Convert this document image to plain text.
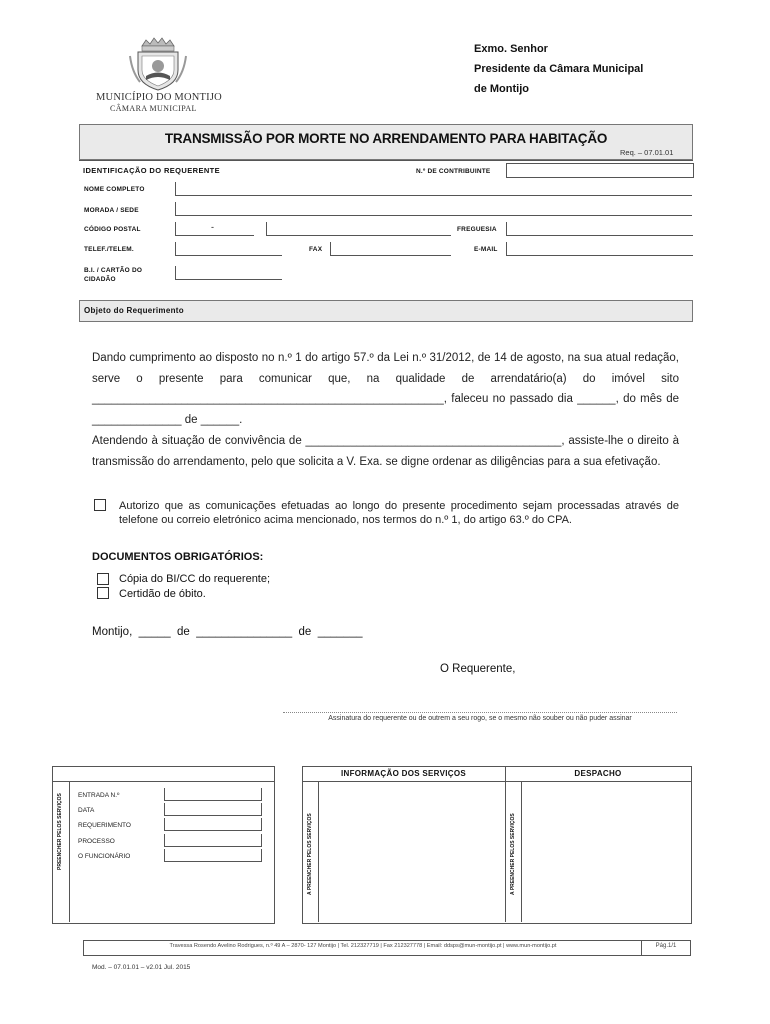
MUNICÍPIO DO MONTIJO
CÂMARA MUNICIPAL
Exmo. Senhor
Presidente da Câmara Municipal
de Montijo
TRANSMISSÃO POR MORTE NO ARRENDAMENTO PARA HABITAÇÃO
Req. – 07.01.01
IDENTIFICAÇÃO DO REQUERENTE	N.º DE CONTRIBUINTE
NOME COMPLETO
MORADA / SEDE
CÓDIGO POSTAL	-	FREGUESIA
TELEF./TELEM.	FAX	E-MAIL
B.I. / CARTÃO DO
CIDADÃO
Objeto do Requerimento
Dando cumprimento ao disposto no n.º 1 do artigo 57.º da Lei n.º 31/2012, de 14 de agosto, na sua atual redação, serve o presente para comunicar que, na qualidade de arrendatário(a) do imóvel sito _______________________________________________________, faleceu no passado dia ______, do mês de ______________ de ______.
Atendendo à situação de convivência de ________________________________________, assiste-lhe o direito à transmissão do arrendamento, pelo que solicita a V. Exa. se digne ordenar as diligências para a sua efetivação.
Autorizo que as comunicações efetuadas ao longo do presente procedimento sejam processadas através de telefone ou correio eletrónico acima mencionado, nos termos do n.º 1, do artigo 63.º do CPA.
DOCUMENTOS OBRIGATÓRIOS:
Cópia do BI/CC do requerente;
Certidão de óbito.
Montijo,  _____  de  _______________  de  _______
O Requerente,
Assinatura do requerente ou de outrem a seu rogo, se o mesmo não souber ou não puder assinar
PREENCHER PELOS SERVIÇOS ENTRADA N.º
DATA
REQUERIMENTO
PROCESSO
O FUNCIONÁRIO
INFORMAÇÃO DOS SERVIÇOS	DESPACHO
A PREENCHER PELOS SERVIÇOS	A PREENCHER PELOS SERVIÇOS
Travessa Rosendo Avelino Rodrigues, n.º 49 A – 2870- 127 Montijo | Tel. 212327719 | Fax 212327778 | Email: ddsps@mun-montijo.pt | www.mun-montijo.pt	Pág.1/1
Mod. – 07.01.01 – v2.01 Jul. 2015
